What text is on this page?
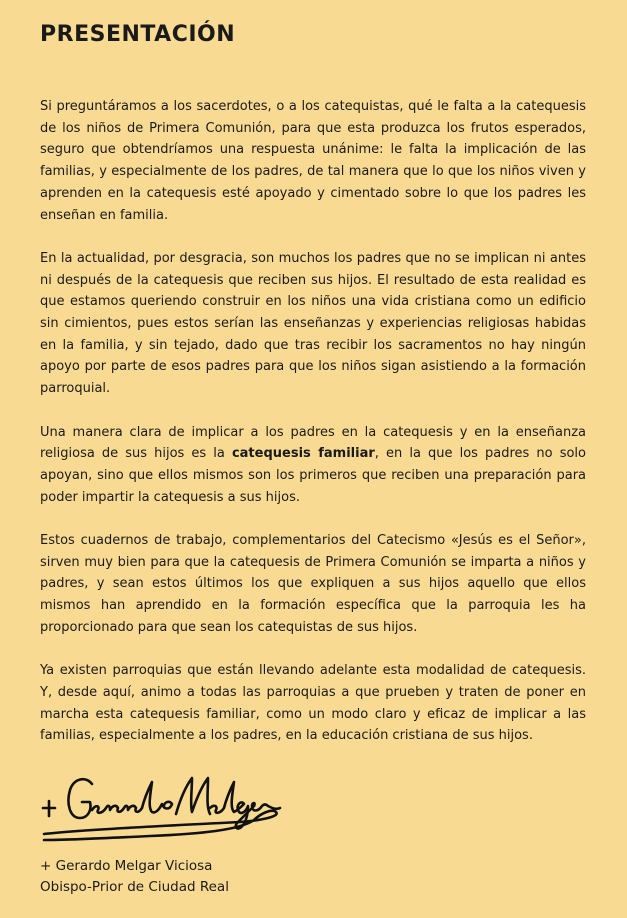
PRESENTACIÓN

Si preguntáramos a los sacerdotes, o a los catequistas, qué le falta a la catequesis de los niños de Primera Comunión, para que esta produzca los frutos esperados, seguro que obtendríamos una respuesta unánime: le falta la implicación de las familias, y especialmente de los padres, de tal manera que lo que los niños viven y aprenden en la catequesis esté apoyado y cimentado sobre lo que los padres les enseñan en familia.

En la actualidad, por desgracia, son muchos los padres que no se implican ni antes ni después de la catequesis que reciben sus hijos. El resultado de esta realidad es que estamos queriendo construir en los niños una vida cristiana como un edificio sin cimientos, pues estos serían las enseñanzas y experiencias religiosas habidas en la familia, y sin tejado, dado que tras recibir los sacramentos no hay ningún apoyo por parte de esos padres para que los niños sigan asistiendo a la formación parroquial.

Una manera clara de implicar a los padres en la catequesis y en la enseñanza religiosa de sus hijos es la catequesis familiar, en la que los padres no solo apoyan, sino que ellos mismos son los primeros que reciben una preparación para poder impartir la catequesis a sus hijos.

Estos cuadernos de trabajo, complementarios del Catecismo «Jesús es el Señor», sirven muy bien para que la catequesis de Primera Comunión se imparta a niños y padres, y sean estos últimos los que expliquen a sus hijos aquello que ellos mismos han aprendido en la formación específica que la parroquia les ha proporcionado para que sean los catequistas de sus hijos.

Ya existen parroquias que están llevando adelante esta modalidad de catequesis. Y, desde aquí, animo a todas las parroquias a que prueben y traten de poner en marcha esta catequesis familiar, como un modo claro y eficaz de implicar a las familias, especialmente a los padres, en la educación cristiana de sus hijos.

+ Gerardo Melgar Viciosa
Obispo-Prior de Ciudad Real
